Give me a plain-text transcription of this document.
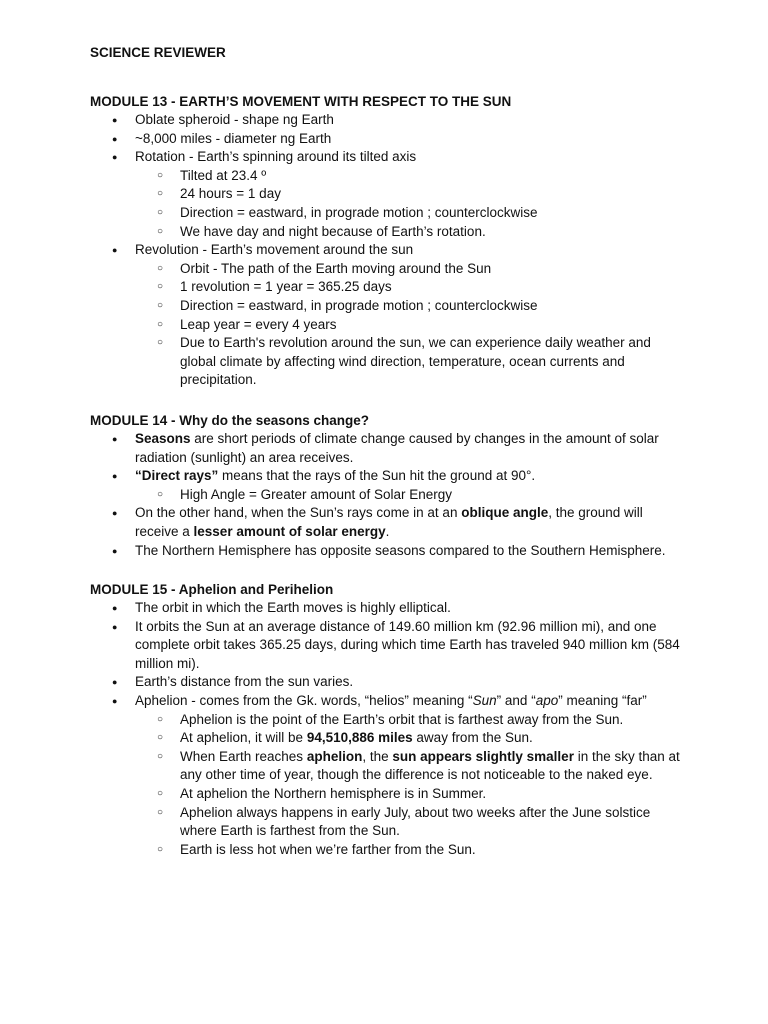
SCIENCE REVIEWER
MODULE 13 - EARTH’S MOVEMENT WITH RESPECT TO THE SUN
● Oblate spheroid - shape ng Earth
● ~8,000 miles - diameter ng Earth
● Rotation - Earth’s spinning around its tilted axis
○ Tilted at 23.4 º
○ 24 hours = 1 day
○ Direction = eastward, in prograde motion ; counterclockwise
○ We have day and night because of Earth’s rotation.
● Revolution - Earth’s movement around the sun
○ Orbit - The path of the Earth moving around the Sun
○ 1 revolution = 1 year = 365.25 days
○ Direction = eastward, in prograde motion ; counterclockwise
○ Leap year = every 4 years
○ Due to Earth's revolution around the sun, we can experience daily weather and global climate by affecting wind direction, temperature, ocean currents and precipitation.
MODULE 14 - Why do the seasons change?
● Seasons are short periods of climate change caused by changes in the amount of solar radiation (sunlight) an area receives.
● “Direct rays” means that the rays of the Sun hit the ground at 90°.
○ High Angle = Greater amount of Solar Energy
● On the other hand, when the Sun’s rays come in at an oblique angle, the ground will receive a lesser amount of solar energy.
● The Northern Hemisphere has opposite seasons compared to the Southern Hemisphere.
MODULE 15 - Aphelion and Perihelion
● The orbit in which the Earth moves is highly elliptical.
● It orbits the Sun at an average distance of 149.60 million km (92.96 million mi), and one complete orbit takes 365.25 days, during which time Earth has traveled 940 million km (584 million mi).
● Earth’s distance from the sun varies.
● Aphelion - comes from the Gk. words, “helios” meaning “Sun” and “apo” meaning “far”
○ Aphelion is the point of the Earth’s orbit that is farthest away from the Sun.
○ At aphelion, it will be 94,510,886 miles away from the Sun.
○ When Earth reaches aphelion, the sun appears slightly smaller in the sky than at any other time of year, though the difference is not noticeable to the naked eye.
○ At aphelion the Northern hemisphere is in Summer.
○ Aphelion always happens in early July, about two weeks after the June solstice where Earth is farthest from the Sun.
○ Earth is less hot when we’re farther from the Sun.
